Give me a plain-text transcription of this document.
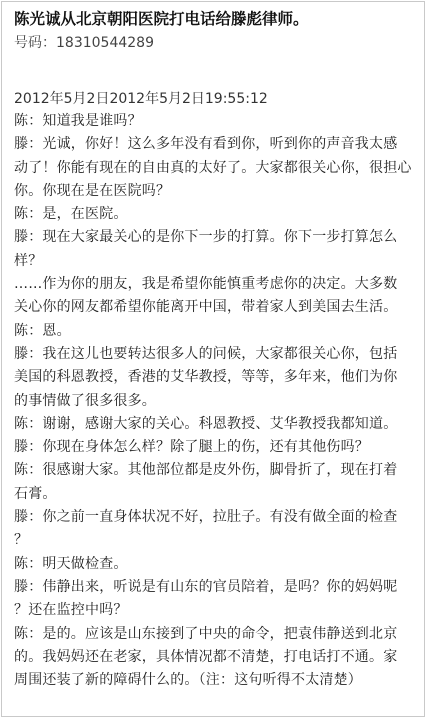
陈光诚从北京朝阳医院打电话给滕彪律师。
号码：18310544289
2012年5月2日2012年5月2日19:55:12
陈：知道我是谁吗？
滕：光诚，你好！这么多年没有看到你，听到你的声音我太感
动了！你能有现在的自由真的太好了。大家都很关心你，很担心
你。你现在是在医院吗？
陈：是，在医院。
滕：现在大家最关心的是你下一步的打算。你下一步打算怎么
样？
……作为你的朋友，我是希望你能慎重考虑你的决定。大多数
关心你的网友都希望你能离开中国，带着家人到美国去生活。
陈：恩。
滕：我在这儿也要转达很多人的问候，大家都很关心你，包括
美国的科恩教授，香港的艾华教授，等等，多年来，他们为你
的事情做了很多很多。
陈：谢谢，感谢大家的关心。科恩教授、艾华教授我都知道。
滕：你现在身体怎么样？除了腿上的伤，还有其他伤吗？
陈：很感谢大家。其他部位都是皮外伤，脚骨折了，现在打着
石膏。
滕：你之前一直身体状况不好，拉肚子。有没有做全面的检查
？
陈：明天做检查。
滕：伟静出来，听说是有山东的官员陪着，是吗？你的妈妈呢
？还在监控中吗？
陈：是的。应该是山东接到了中央的命令，把袁伟静送到北京
的。我妈妈还在老家，具体情况都不清楚，打电话打不通。家
周围还装了新的障碍什么的。（注：这句听得不太清楚）
